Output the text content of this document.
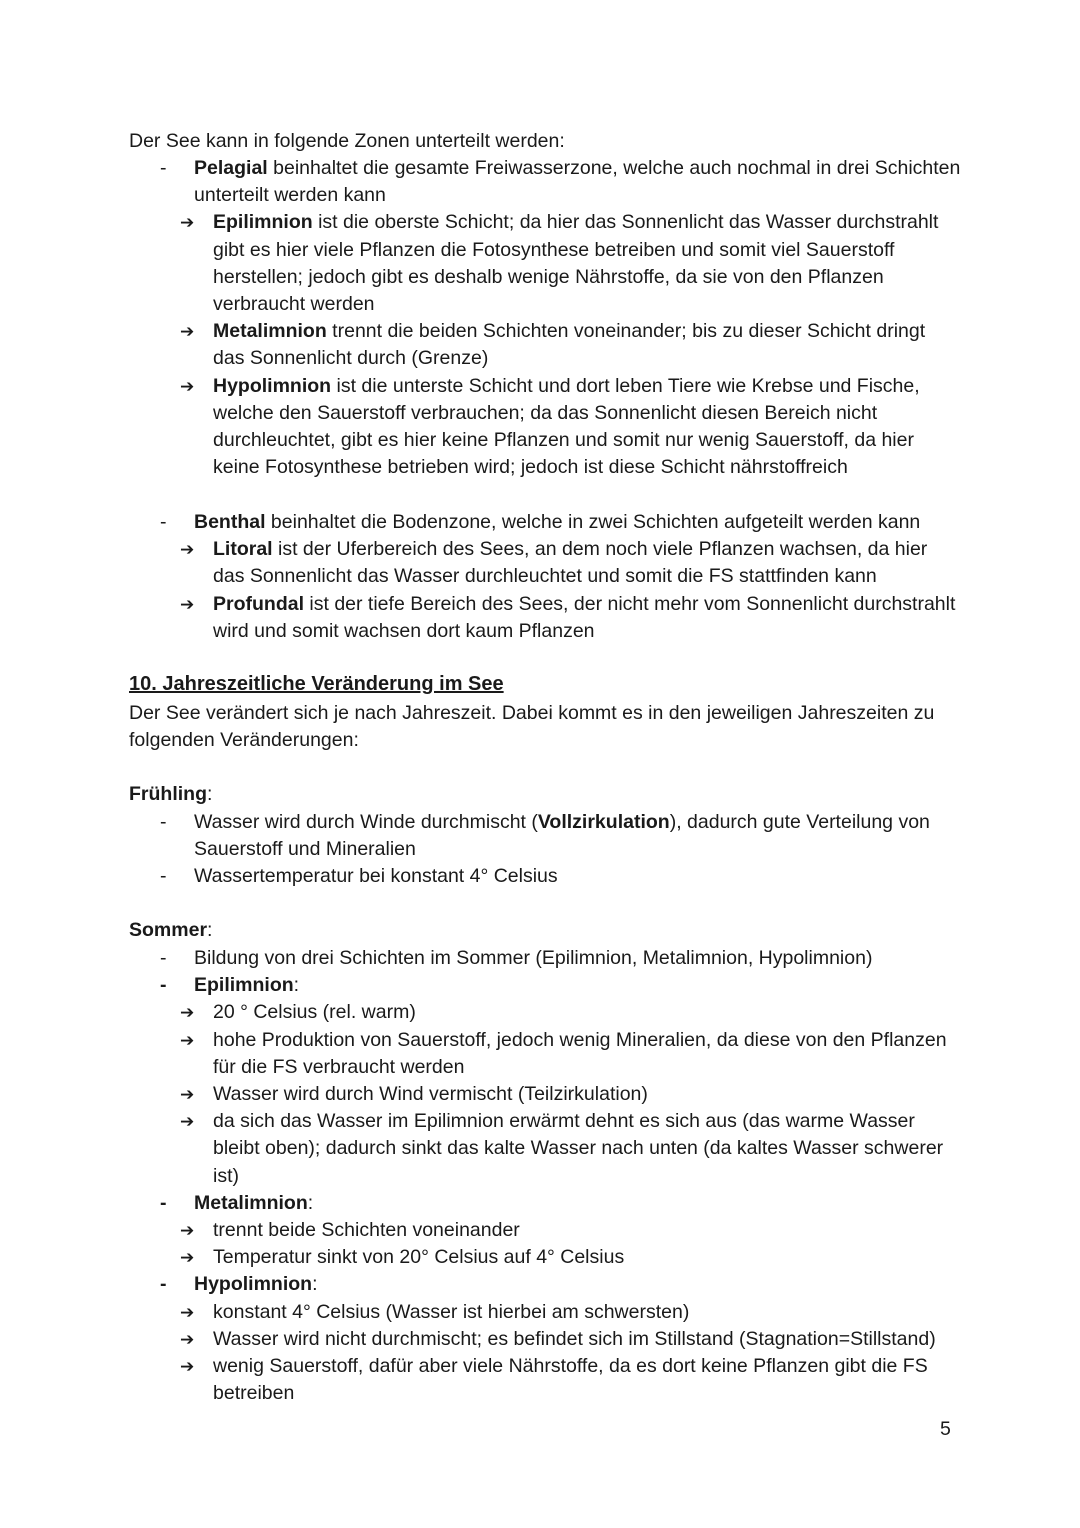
Der See kann in folgende Zonen unterteilt werden:

- Pelagial beinhaltet die gesamte Freiwasserzone, welche auch nochmal in drei Schichten unterteilt werden kann

➔ Epilimnion ist die oberste Schicht; da hier das Sonnenlicht das Wasser durchstrahlt gibt es hier viele Pflanzen die Fotosynthese betreiben und somit viel Sauerstoff herstellen; jedoch gibt es deshalb wenige Nährstoffe, da sie von den Pflanzen verbraucht werden

➔ Metalimnion trennt die beiden Schichten voneinander; bis zu dieser Schicht dringt das Sonnenlicht durch (Grenze)

➔ Hypolimnion ist die unterste Schicht und dort leben Tiere wie Krebse und Fische, welche den Sauerstoff verbrauchen; da das Sonnenlicht diesen Bereich nicht durchleuchtet, gibt es hier keine Pflanzen und somit nur wenig Sauerstoff, da hier keine Fotosynthese betrieben wird; jedoch ist diese Schicht nährstoffreich

- Benthal beinhaltet die Bodenzone, welche in zwei Schichten aufgeteilt werden kann

➔ Litoral ist der Uferbereich des Sees, an dem noch viele Pflanzen wachsen, da hier das Sonnenlicht das Wasser durchleuchtet und somit die FS stattfinden kann

➔ Profundal ist der tiefe Bereich des Sees, der nicht mehr vom Sonnenlicht durchstrahlt wird und somit wachsen dort kaum Pflanzen

10. Jahreszeitliche Veränderung im See

Der See verändert sich je nach Jahreszeit. Dabei kommt es in den jeweiligen Jahreszeiten zu folgenden Veränderungen:

Frühling:

- Wasser wird durch Winde durchmischt (Vollzirkulation), dadurch gute Verteilung von Sauerstoff und Mineralien

- Wassertemperatur bei konstant 4° Celsius

Sommer:

- Bildung von drei Schichten im Sommer (Epilimnion, Metalimnion, Hypolimnion)

- Epilimnion:

➔ 20 ° Celsius (rel. warm)

➔ hohe Produktion von Sauerstoff, jedoch wenig Mineralien, da diese von den Pflanzen für die FS verbraucht werden

➔ Wasser wird durch Wind vermischt (Teilzirkulation)

➔ da sich das Wasser im Epilimnion erwärmt dehnt es sich aus (das warme Wasser bleibt oben); dadurch sinkt das kalte Wasser nach unten (da kaltes Wasser schwerer ist)

- Metalimnion:

➔ trennt beide Schichten voneinander

➔ Temperatur sinkt von 20° Celsius auf 4° Celsius

- Hypolimnion:

➔ konstant 4° Celsius (Wasser ist hierbei am schwersten)

➔ Wasser wird nicht durchmischt; es befindet sich im Stillstand (Stagnation=Stillstand)

➔ wenig Sauerstoff, dafür aber viele Nährstoffe, da es dort keine Pflanzen gibt die FS betreiben

5
